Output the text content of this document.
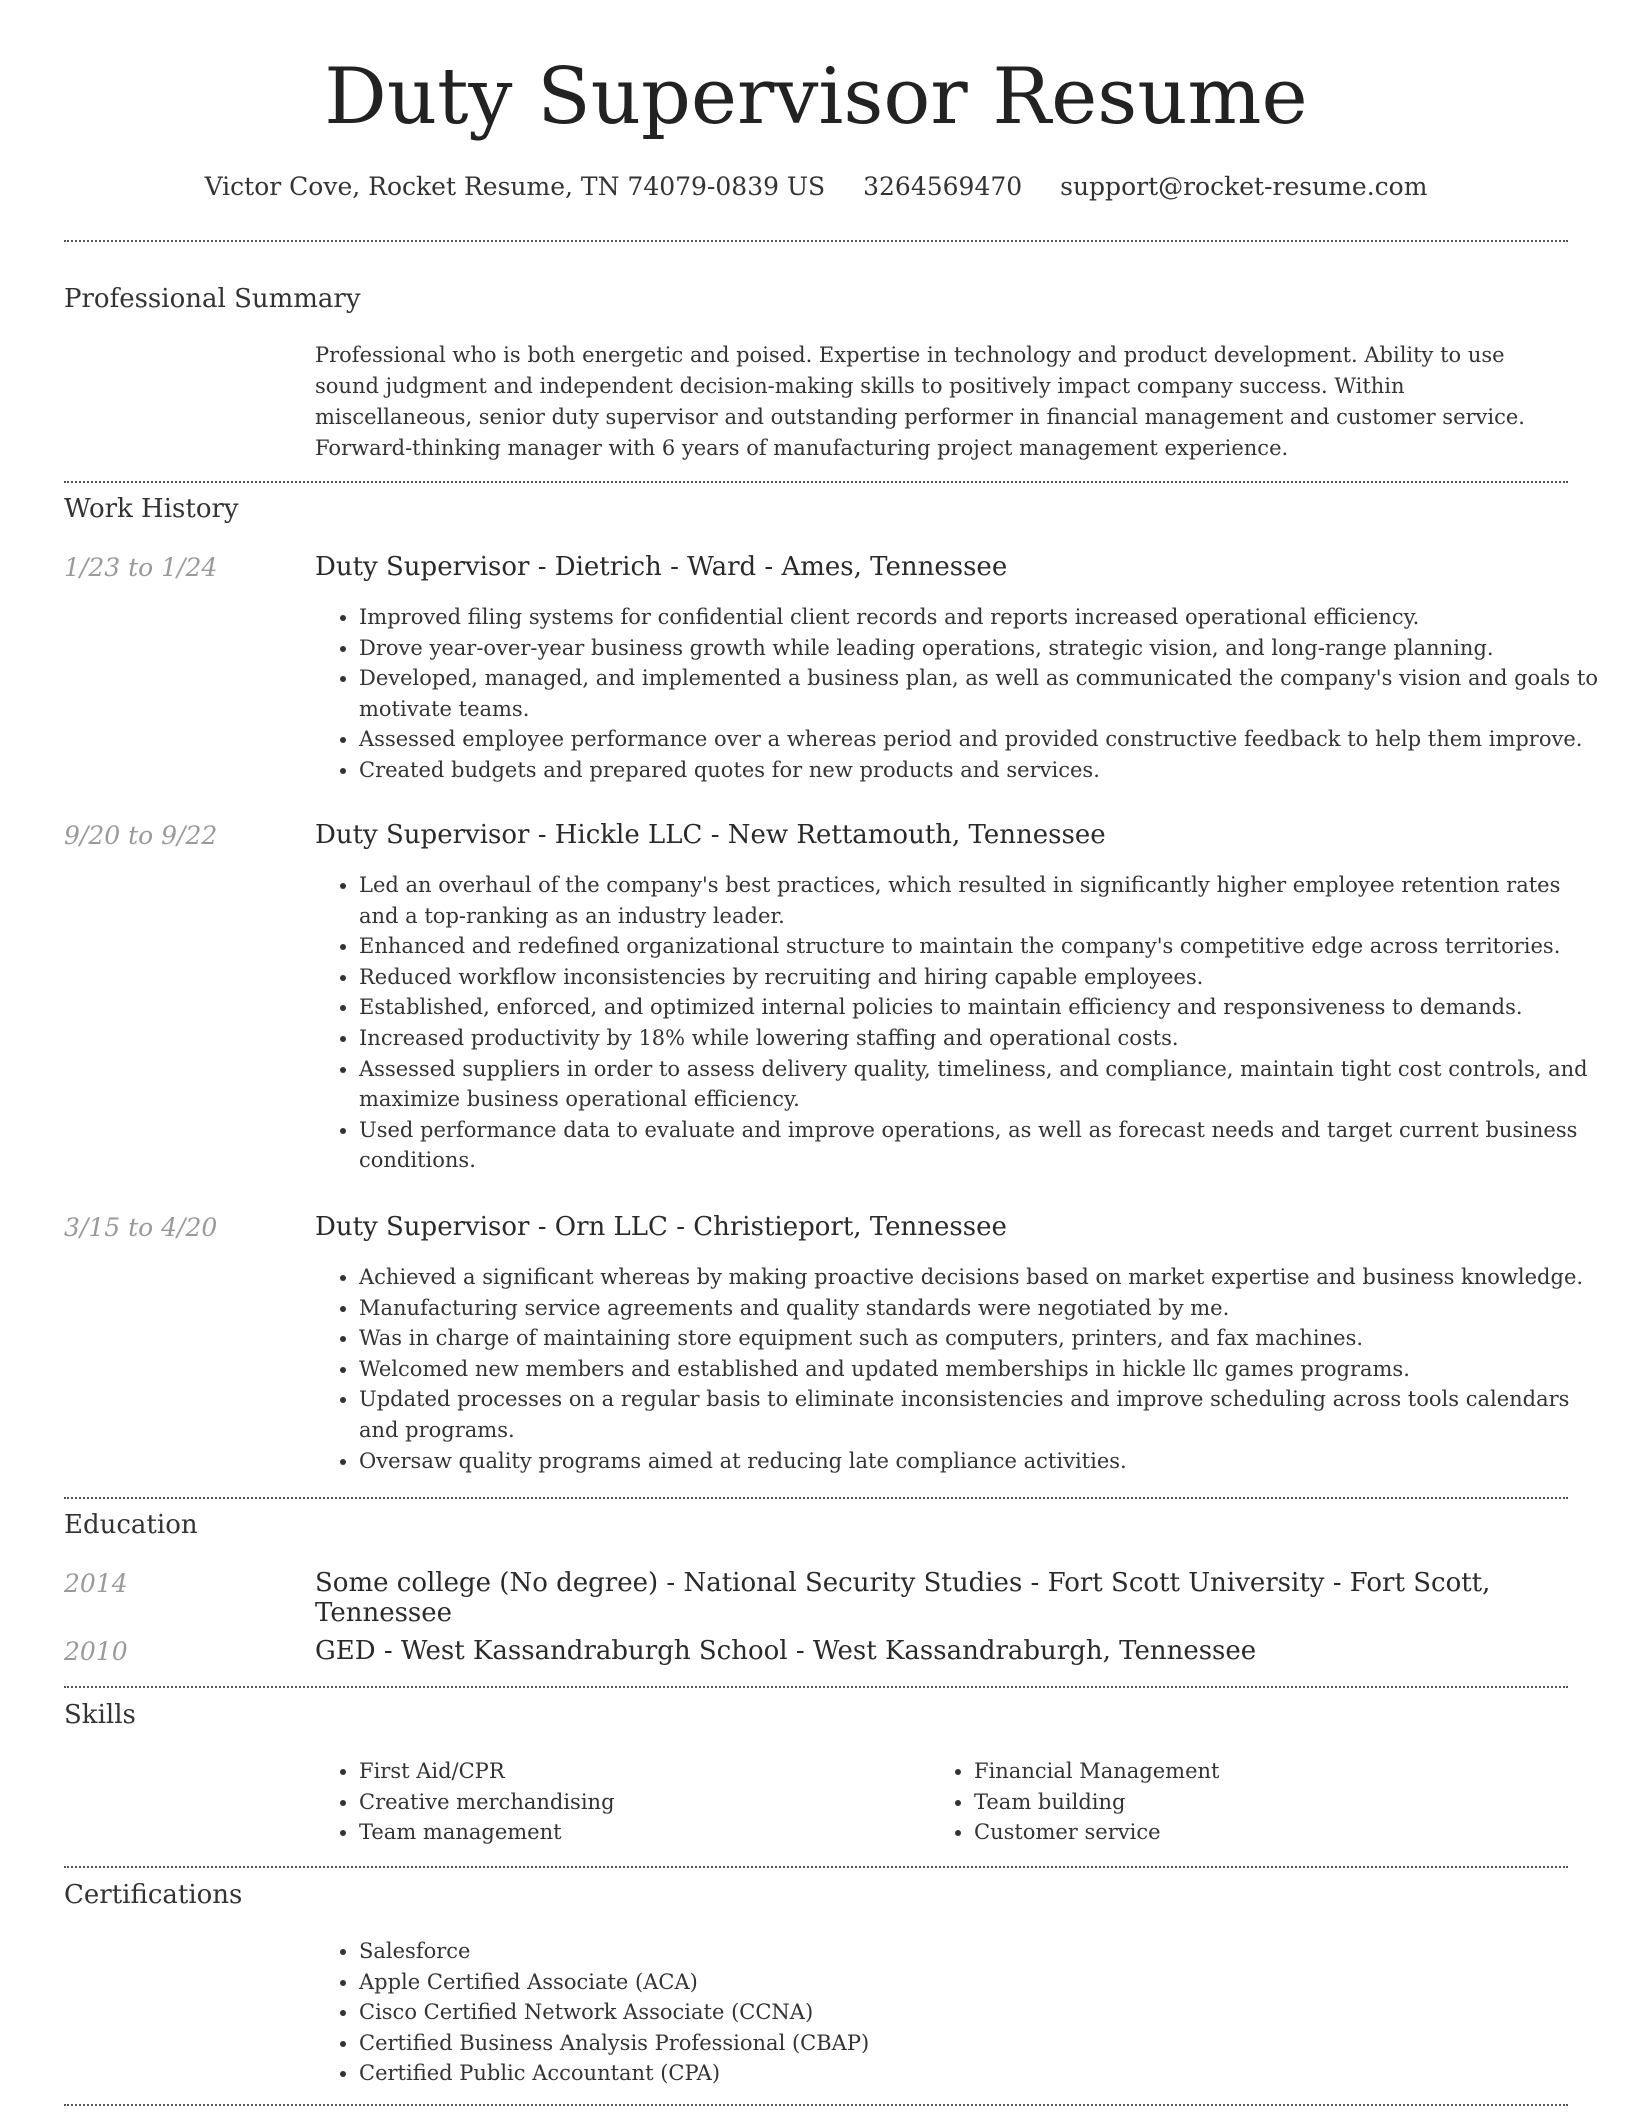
Duty Supervisor Resume
Victor Cove, Rocket Resume, TN 74079-0839 US 3264569470 support@rocket-resume.com
Professional Summary
Professional who is both energetic and poised. Expertise in technology and product development. Ability to use sound judgment and independent decision-making skills to positively impact company success. Within miscellaneous, senior duty supervisor and outstanding performer in financial management and customer service. Forward-thinking manager with 6 years of manufacturing project management experience.
Work History
1/23 to 1/24	Duty Supervisor - Dietrich - Ward - Ames, Tennessee
• Improved filing systems for confidential client records and reports increased operational efficiency.
• Drove year-over-year business growth while leading operations, strategic vision, and long-range planning.
• Developed, managed, and implemented a business plan, as well as communicated the company's vision and goals to motivate teams.
• Assessed employee performance over a whereas period and provided constructive feedback to help them improve.
• Created budgets and prepared quotes for new products and services.
9/20 to 9/22	Duty Supervisor - Hickle LLC - New Rettamouth, Tennessee
• Led an overhaul of the company's best practices, which resulted in significantly higher employee retention rates and a top-ranking as an industry leader.
• Enhanced and redefined organizational structure to maintain the company's competitive edge across territories.
• Reduced workflow inconsistencies by recruiting and hiring capable employees.
• Established, enforced, and optimized internal policies to maintain efficiency and responsiveness to demands.
• Increased productivity by 18% while lowering staffing and operational costs.
• Assessed suppliers in order to assess delivery quality, timeliness, and compliance, maintain tight cost controls, and maximize business operational efficiency.
• Used performance data to evaluate and improve operations, as well as forecast needs and target current business conditions.
3/15 to 4/20	Duty Supervisor - Orn LLC - Christieport, Tennessee
• Achieved a significant whereas by making proactive decisions based on market expertise and business knowledge.
• Manufacturing service agreements and quality standards were negotiated by me.
• Was in charge of maintaining store equipment such as computers, printers, and fax machines.
• Welcomed new members and established and updated memberships in hickle llc games programs.
• Updated processes on a regular basis to eliminate inconsistencies and improve scheduling across tools calendars and programs.
• Oversaw quality programs aimed at reducing late compliance activities.
Education
2014	Some college (No degree) - National Security Studies - Fort Scott University - Fort Scott, Tennessee
2010	GED - West Kassandraburgh School - West Kassandraburgh, Tennessee
Skills
• First Aid/CPR
• Creative merchandising
• Team management
• Financial Management
• Team building
• Customer service
Certifications
• Salesforce
• Apple Certified Associate (ACA)
• Cisco Certified Network Associate (CCNA)
• Certified Business Analysis Professional (CBAP)
• Certified Public Accountant (CPA)
